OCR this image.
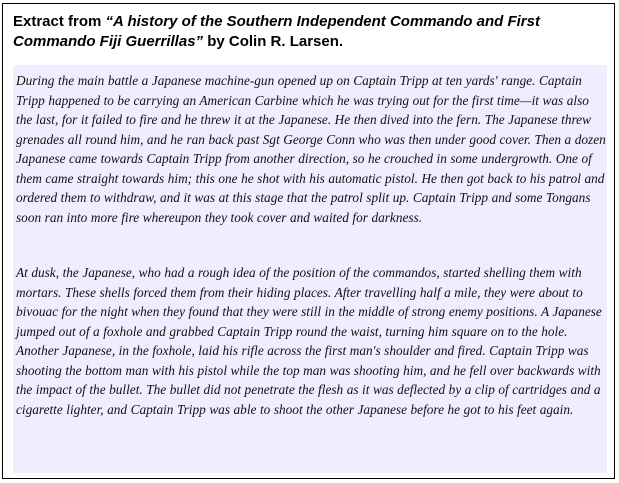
Extract from “A history of the Southern Independent Commando and First Commando Fiji Guerrillas” by Colin R. Larsen.

During the main battle a Japanese machine-gun opened up on Captain Tripp at ten yards' range. Captain Tripp happened to be carrying an American Carbine which he was trying out for the first time—it was also the last, for it failed to fire and he threw it at the Japanese. He then dived into the fern. The Japanese threw grenades all round him, and he ran back past Sgt George Conn who was then under good cover. Then a dozen Japanese came towards Captain Tripp from another direction, so he crouched in some undergrowth. One of them came straight towards him; this one he shot with his automatic pistol. He then got back to his patrol and ordered them to withdraw, and it was at this stage that the patrol split up. Captain Tripp and some Tongans soon ran into more fire whereupon they took cover and waited for darkness.

At dusk, the Japanese, who had a rough idea of the position of the commandos, started shelling them with mortars. These shells forced them from their hiding places. After travelling half a mile, they were about to bivouac for the night when they found that they were still in the middle of strong enemy positions. A Japanese jumped out of a foxhole and grabbed Captain Tripp round the waist, turning him square on to the hole. Another Japanese, in the foxhole, laid his rifle across the first man's shoulder and fired. Captain Tripp was shooting the bottom man with his pistol while the top man was shooting him, and he fell over backwards with the impact of the bullet. The bullet did not penetrate the flesh as it was deflected by a clip of cartridges and a cigarette lighter, and Captain Tripp was able to shoot the other Japanese before he got to his feet again.
